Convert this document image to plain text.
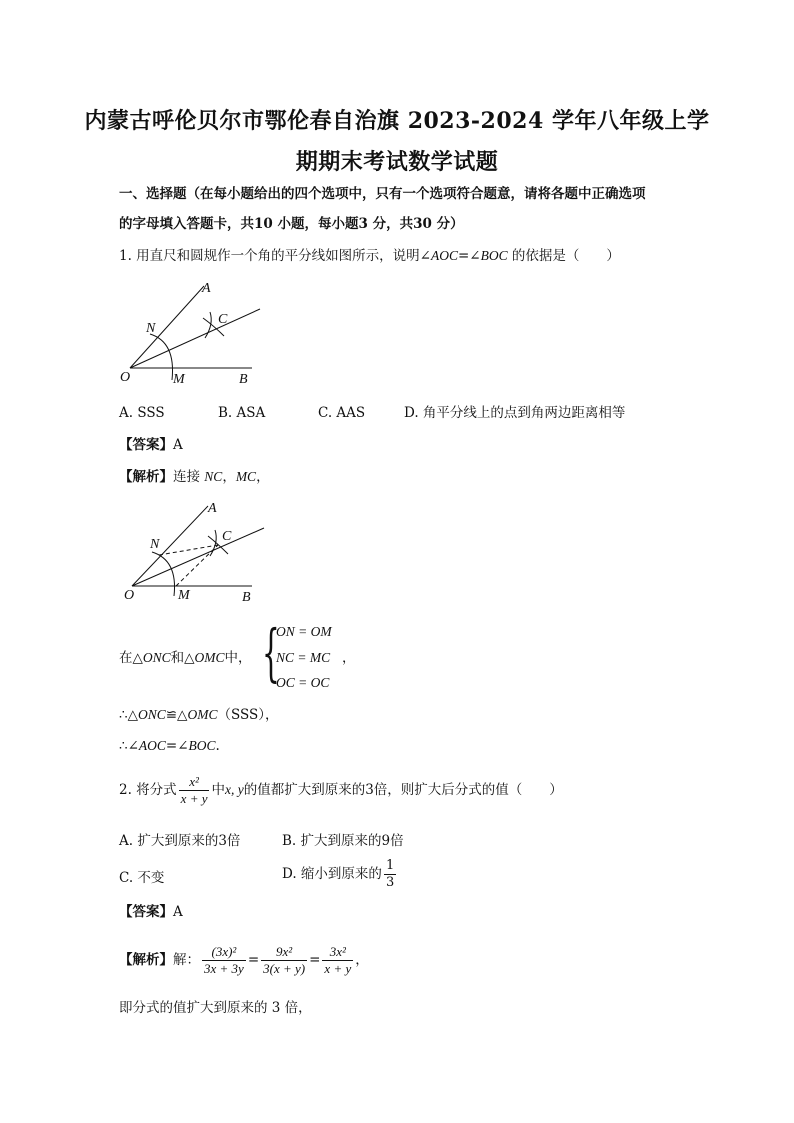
内蒙古呼伦贝尔市鄂伦春自治旗 2023-2024 学年八年级上学
期期末考试数学试题
一、选择题（在每小题给出的四个选项中，只有一个选项符合题意，请将各题中正确选项
的字母填入答题卡，共10 小题，每小题3 分，共30 分）
1. 用直尺和圆规作一个角的平分线如图所示，说明∠AOC=∠BOC 的依据是（　　）
A
C
N
O	M	B
A. SSS	B. ASA	C. AAS	D. 角平分线上的点到角两边距离相等
【答案】A
【解析】连接 NC，MC，
A
C
N
O	M	B
在△ONC和△OMC中， {
ON = OM
NC = MC ，
OC = OC
∴△ONC≌△OMC（SSS），
∴∠AOC=∠BOC.
2. 将分式 $\frac{\text{x²}}{x + y}$ 中x, y的值都扩大到原来的3倍，则扩大后分式的值（　　）
A. 扩大到原来的3倍	B. 扩大到原来的9倍
C. 不变	D. 缩小到原来的 $\frac{1}{3}$
【答案】A
【解析】解： $\frac{\text{(3x)²}}{3x + 3y} = \frac{\text{9x²}}{3(x + y)} = \frac{\text{3x²}}{x + y}$ ，
即分式的值扩大到原来的 3 倍，
